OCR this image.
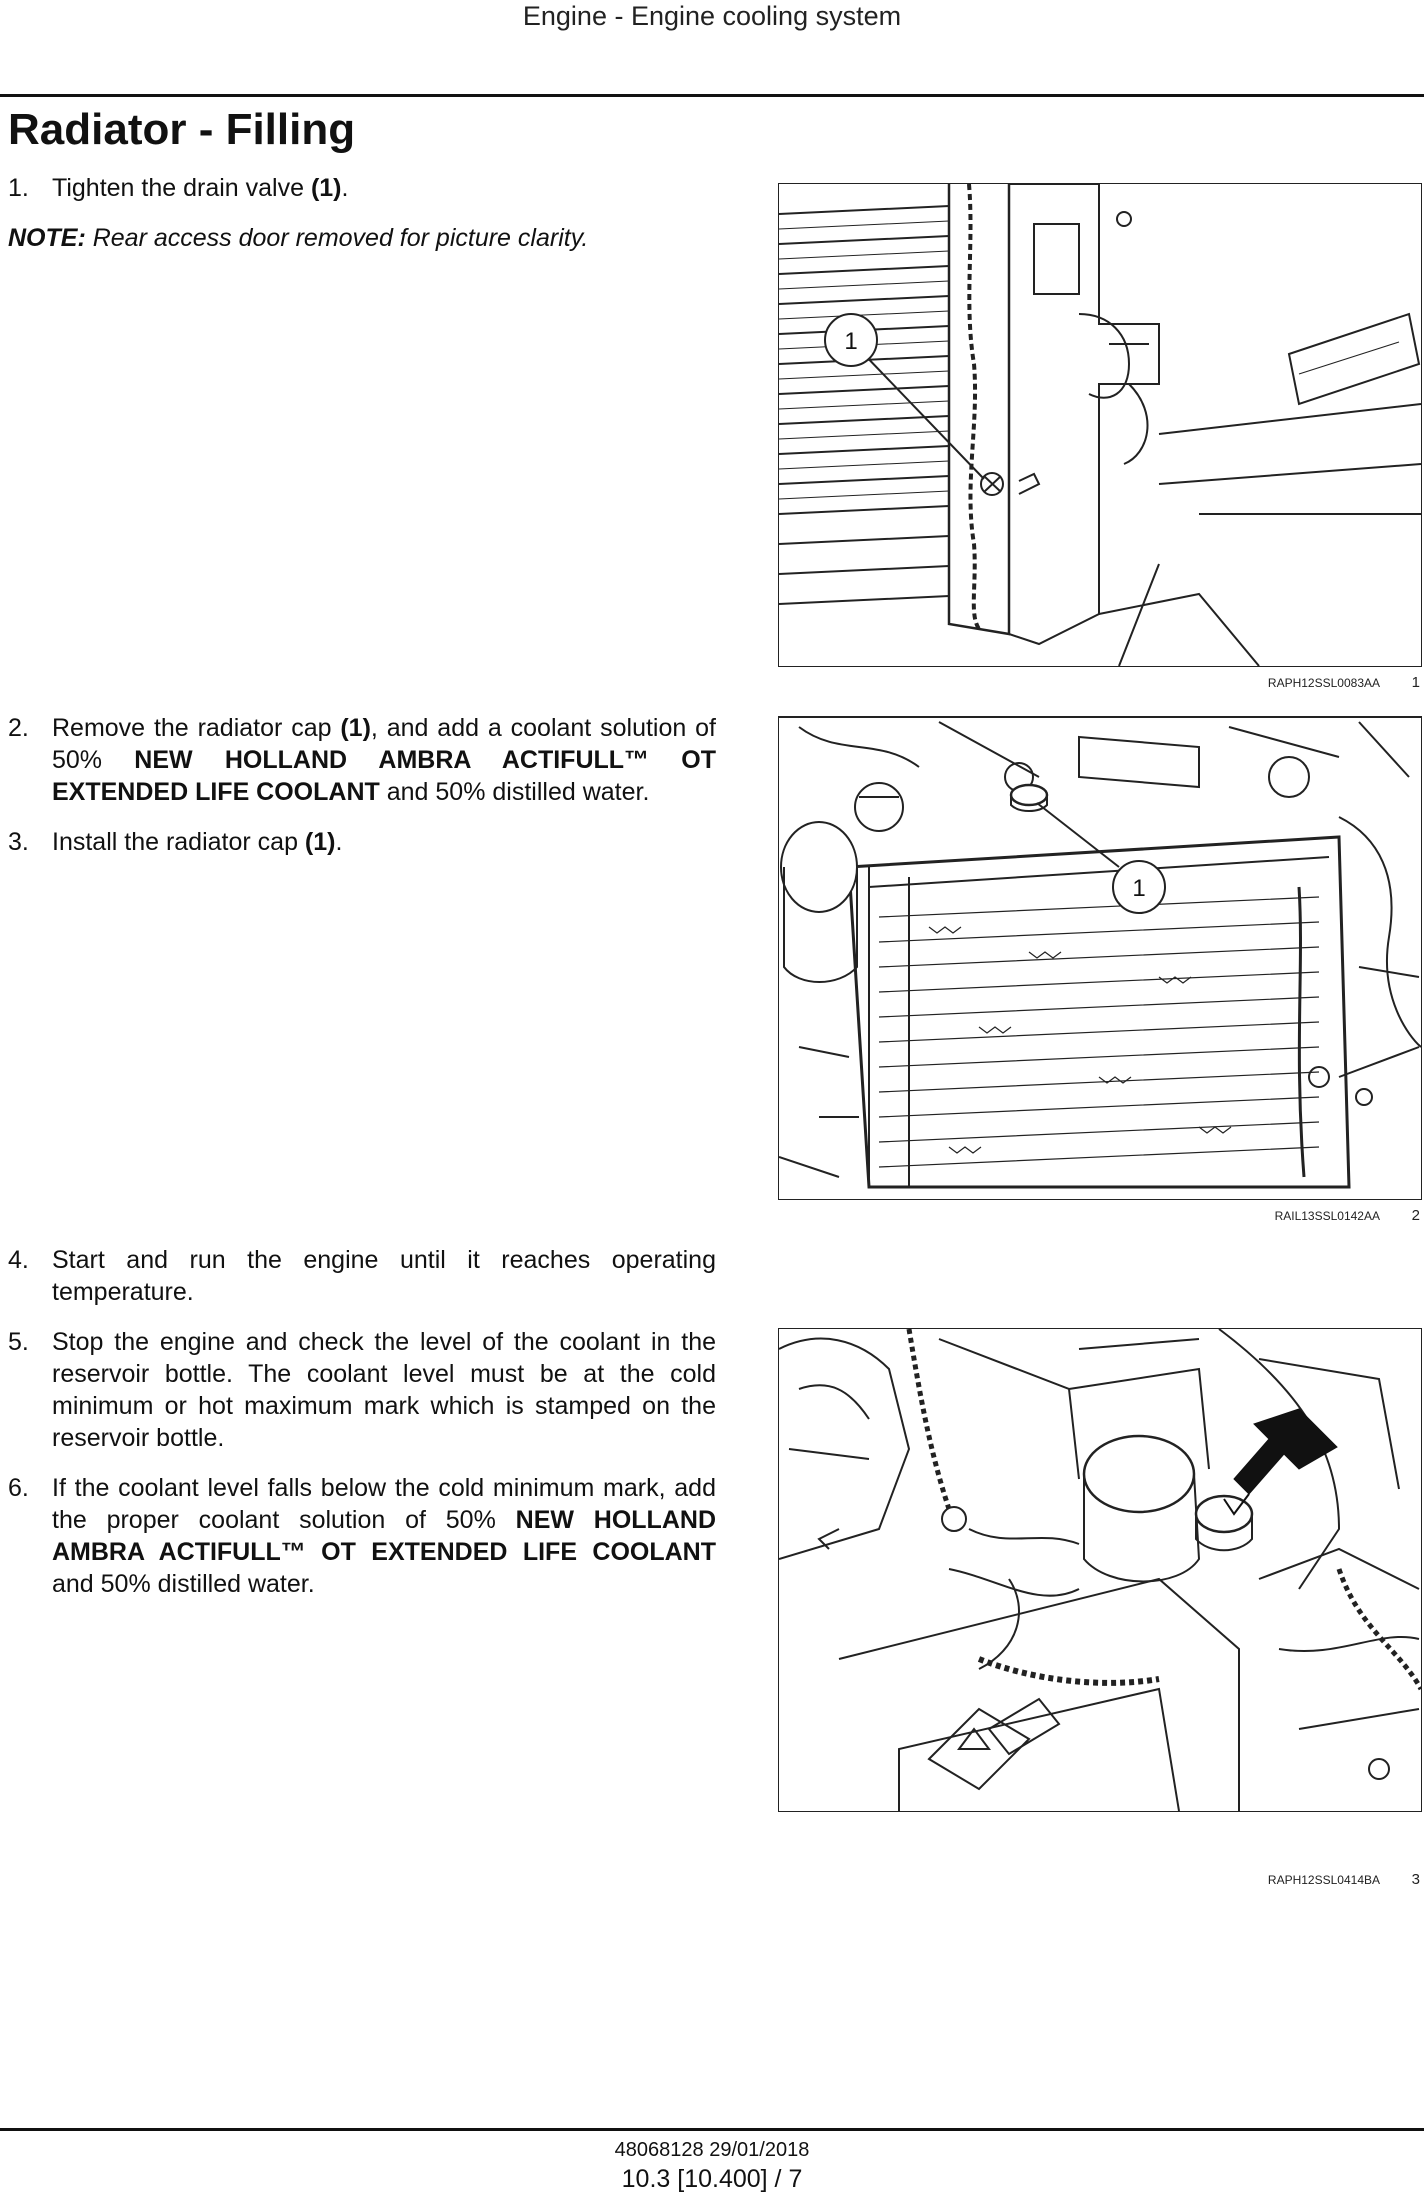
Engine - Engine cooling system
Radiator - Filling

1. Tighten the drain valve (1).

NOTE: Rear access door removed for picture clarity.

1
RAPH12SSL0083AA 1

2. Remove the radiator cap (1), and add a coolant solution of 50% NEW HOLLAND AMBRA ACTIFULL™ OT EXTENDED LIFE COOLANT and 50% distilled water.

3. Install the radiator cap (1).

1
RAIL13SSL0142AA 2

4. Start and run the engine until it reaches operating temperature.

5. Stop the engine and check the level of the coolant in the reservoir bottle. The coolant level must be at the cold minimum or hot maximum mark which is stamped on the reservoir bottle.

6. If the coolant level falls below the cold minimum mark, add the proper coolant solution of 50% NEW HOLLAND AMBRA ACTIFULL™ OT EXTENDED LIFE COOLANT and 50% distilled water.

RAPH12SSL0414BA 3
48068128 29/01/2018
10.3 [10.400] / 7
